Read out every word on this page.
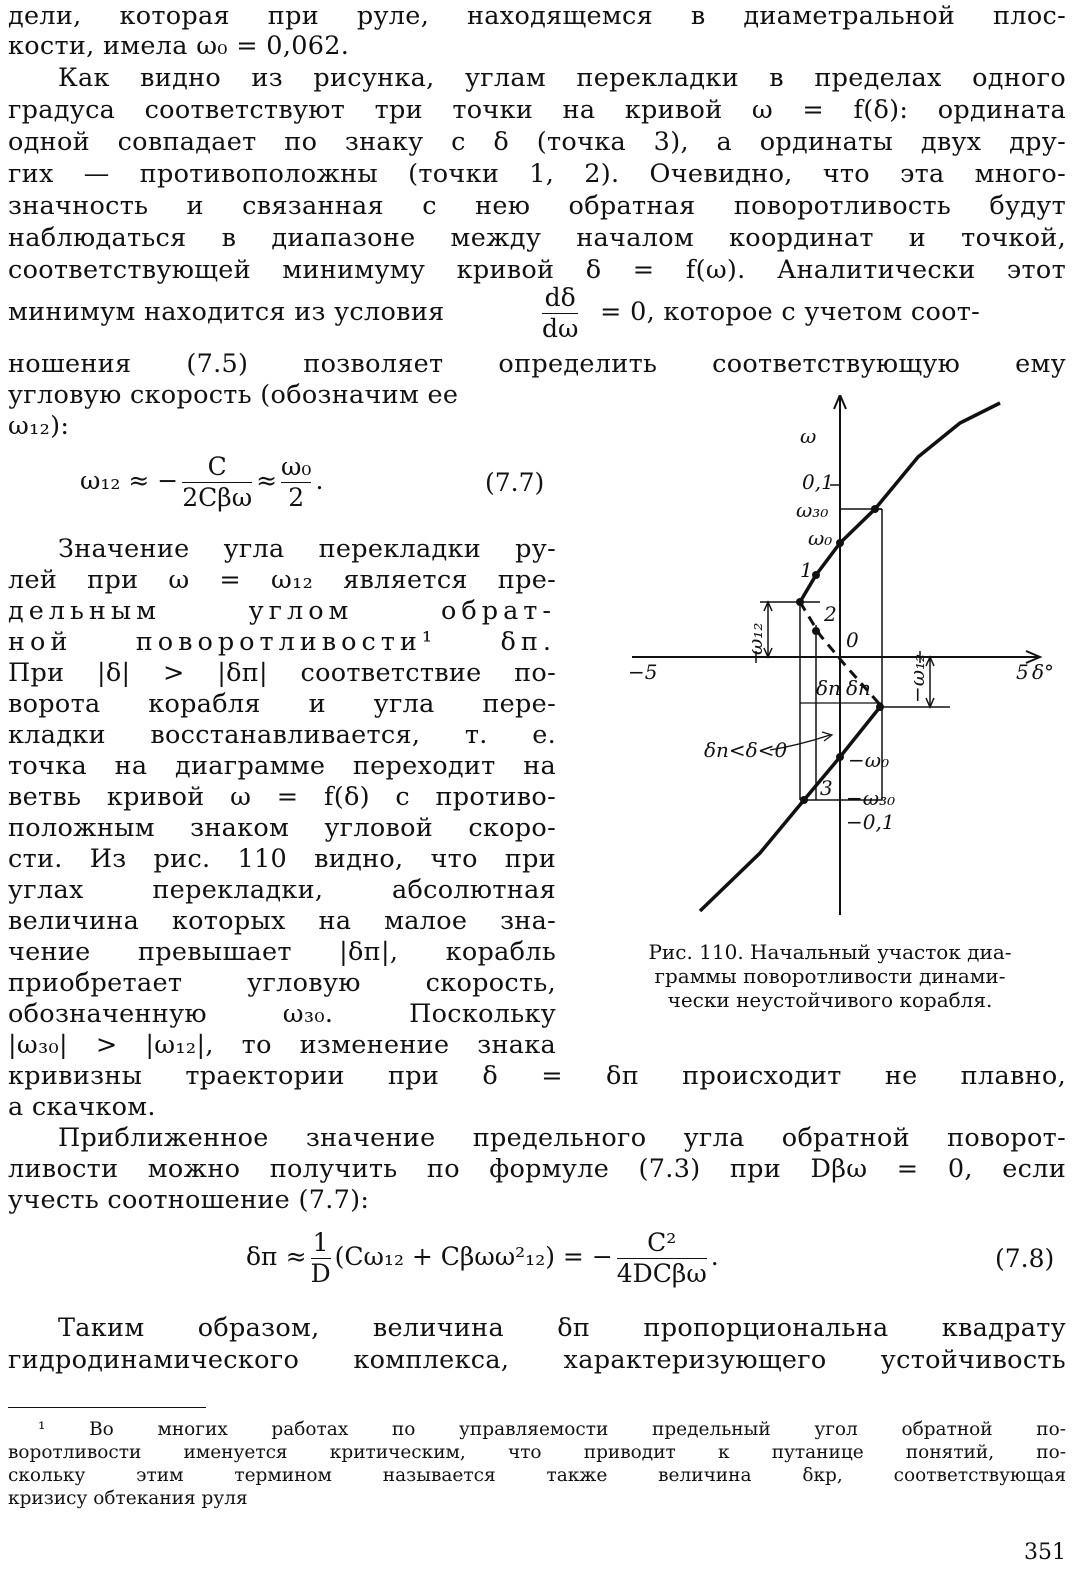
дели, которая при руле, находящемся в диаметральной плос-
кости, имела ω₀ = 0,062.
Как видно из рисунка, углам перекладки в пределах одного
градуса соответствуют три точки на кривой ω = f(δ): ордината
одной совпадает по знаку с δ (точка 3), а ординаты двух дру-
гих — противоположны (точки 1, 2). Очевидно, что эта много-
значность и связанная с нею обратная поворотливость будут
наблюдаться в диапазоне между началом координат и точкой,
соответствующей минимуму кривой δ = f(ω). Аналитически этот
минимум находится из условия	$\frac{d\delta}{d\omega} = 0$, которое с учетом соот-
ношения (7.5) позволяет определить соответствующую ему
угловую скорость (обозначим ее
ω₁₂):
ω₁₂ ≈ − $\frac{C}{\text{2Cβω}} \approx \frac{\text{ω₀}}{2}$ .	(7.7)
Значение угла перекладки ру-
лей при ω = ω₁₂ является пре-
дельным углом обрат-
ной поворотливости¹ δп.
При |δ| > |δп| соответствие по-
ворота корабля и угла пере-
кладки восстанавливается, т. е.
точка на диаграмме переходит на
ветвь кривой ω = f(δ) с противо-
положным знаком угловой скоро-
сти. Из рис. 110 видно, что при
углах перекладки, абсолютная
величина которых на малое зна-
чение превышает |δп|, корабль
приобретает угловую скорость,
обозначенную ω₃₀. Поскольку
|ω₃₀| > |ω₁₂|, то изменение знака
кривизны траектории при δ = δп происходит не плавно,
а скачком.
Приближенное значение предельного угла обратной поворот-
ливости можно получить по формуле (7.3) при Dβω = 0, если
учесть соотношение (7.7):
$\delta п \approx \frac{1}{D} (C\omega_{12} + C\beta\omega\omega^2_{12})$ = − $\frac{\text{C²}}{\text{4DCβω}}$ .	(7.8)
Таким образом, величина δп пропорциональна квадрату
гидродинамического комплекса, характеризующего устойчивость
ω
0,1
ω₃₀
ω₀
1
2
0
−5	5 δ°
ω₁₂
−ω₁₂
δп δп
δп<δ<0	−ω₀
3 −ω₃₀
−0,1
Рис. 110. Начальный участок диа-
граммы поворотливости динами-
чески неустойчивого корабля.
¹ Во многих работах по управляемости предельный угол обратной по-
воротливости именуется критическим, что приводит к путанице понятий, по-
скольку этим термином называется также величина δкр, соответствующая
кризису обтекания руля
351
